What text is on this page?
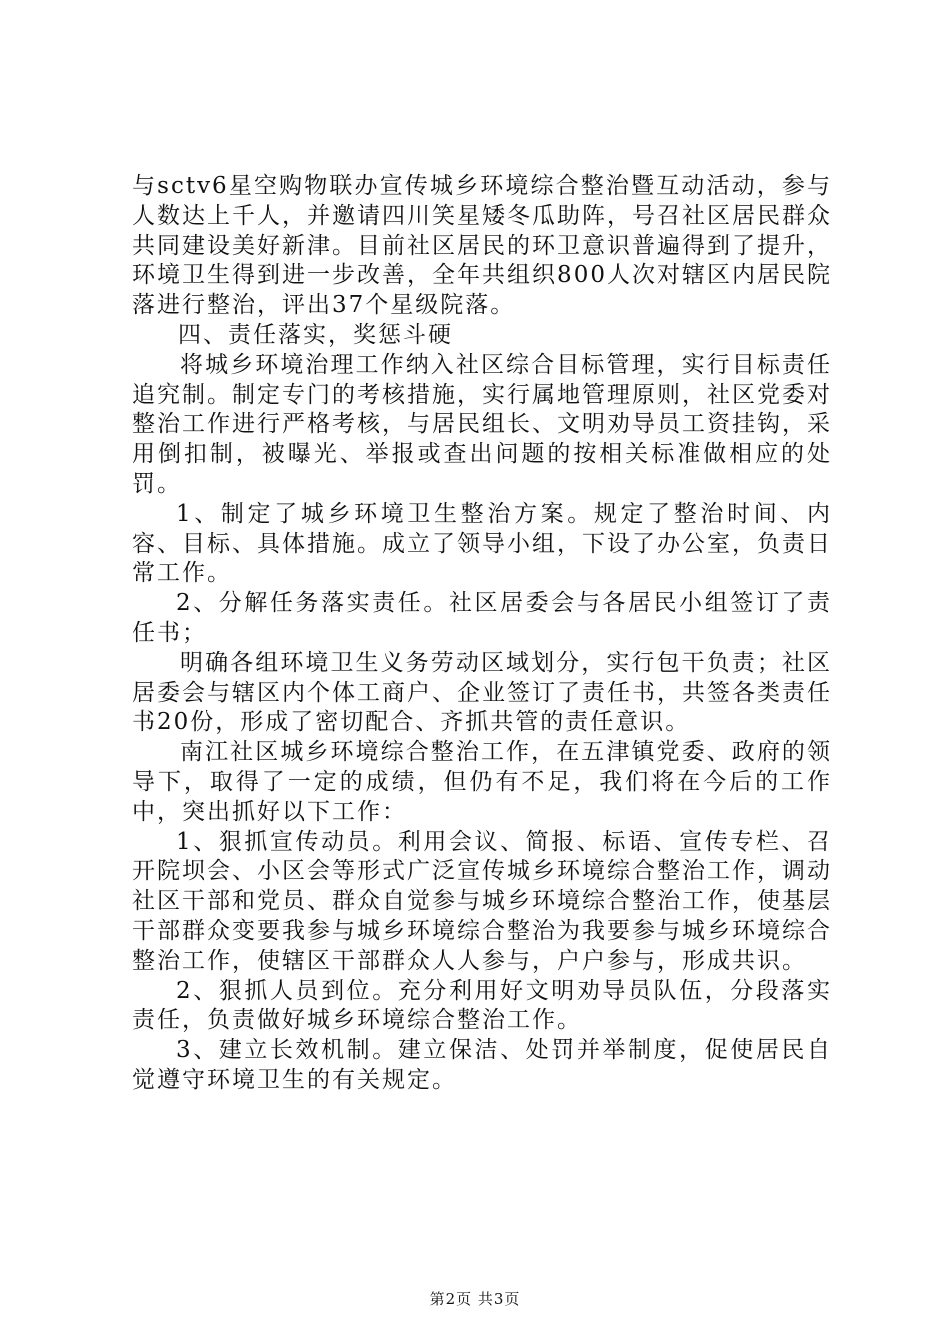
与sctv6星空购物联办宣传城乡环境综合整治暨互动活动，参与人数达上千人，并邀请四川笑星矮冬瓜助阵，号召社区居民群众共同建设美好新津。目前社区居民的环卫意识普遍得到了提升，环境卫生得到进一步改善，全年共组织800人次对辖区内居民院落进行整治，评出37个星级院落。

四、责任落实，奖惩斗硬

将城乡环境治理工作纳入社区综合目标管理，实行目标责任追究制。制定专门的考核措施，实行属地管理原则，社区党委对整治工作进行严格考核，与居民组长、文明劝导员工资挂钩，采用倒扣制，被曝光、举报或查出问题的按相关标准做相应的处罚。

1、制定了城乡环境卫生整治方案。规定了整治时间、内容、目标、具体措施。成立了领导小组，下设了办公室，负责日常工作。

2、分解任务落实责任。社区居委会与各居民小组签订了责任书；

明确各组环境卫生义务劳动区域划分，实行包干负责；社区居委会与辖区内个体工商户、企业签订了责任书，共签各类责任书20份，形成了密切配合、齐抓共管的责任意识。

南江社区城乡环境综合整治工作，在五津镇党委、政府的领导下，取得了一定的成绩，但仍有不足，我们将在今后的工作中，突出抓好以下工作：

1、狠抓宣传动员。利用会议、简报、标语、宣传专栏、召开院坝会、小区会等形式广泛宣传城乡环境综合整治工作，调动社区干部和党员、群众自觉参与城乡环境综合整治工作，使基层干部群众变要我参与城乡环境综合整治为我要参与城乡环境综合整治工作，使辖区干部群众人人参与，户户参与，形成共识。

2、狠抓人员到位。充分利用好文明劝导员队伍，分段落实责任，负责做好城乡环境综合整治工作。

3、建立长效机制。建立保洁、处罚并举制度，促使居民自觉遵守环境卫生的有关规定。

第2页 共3页
